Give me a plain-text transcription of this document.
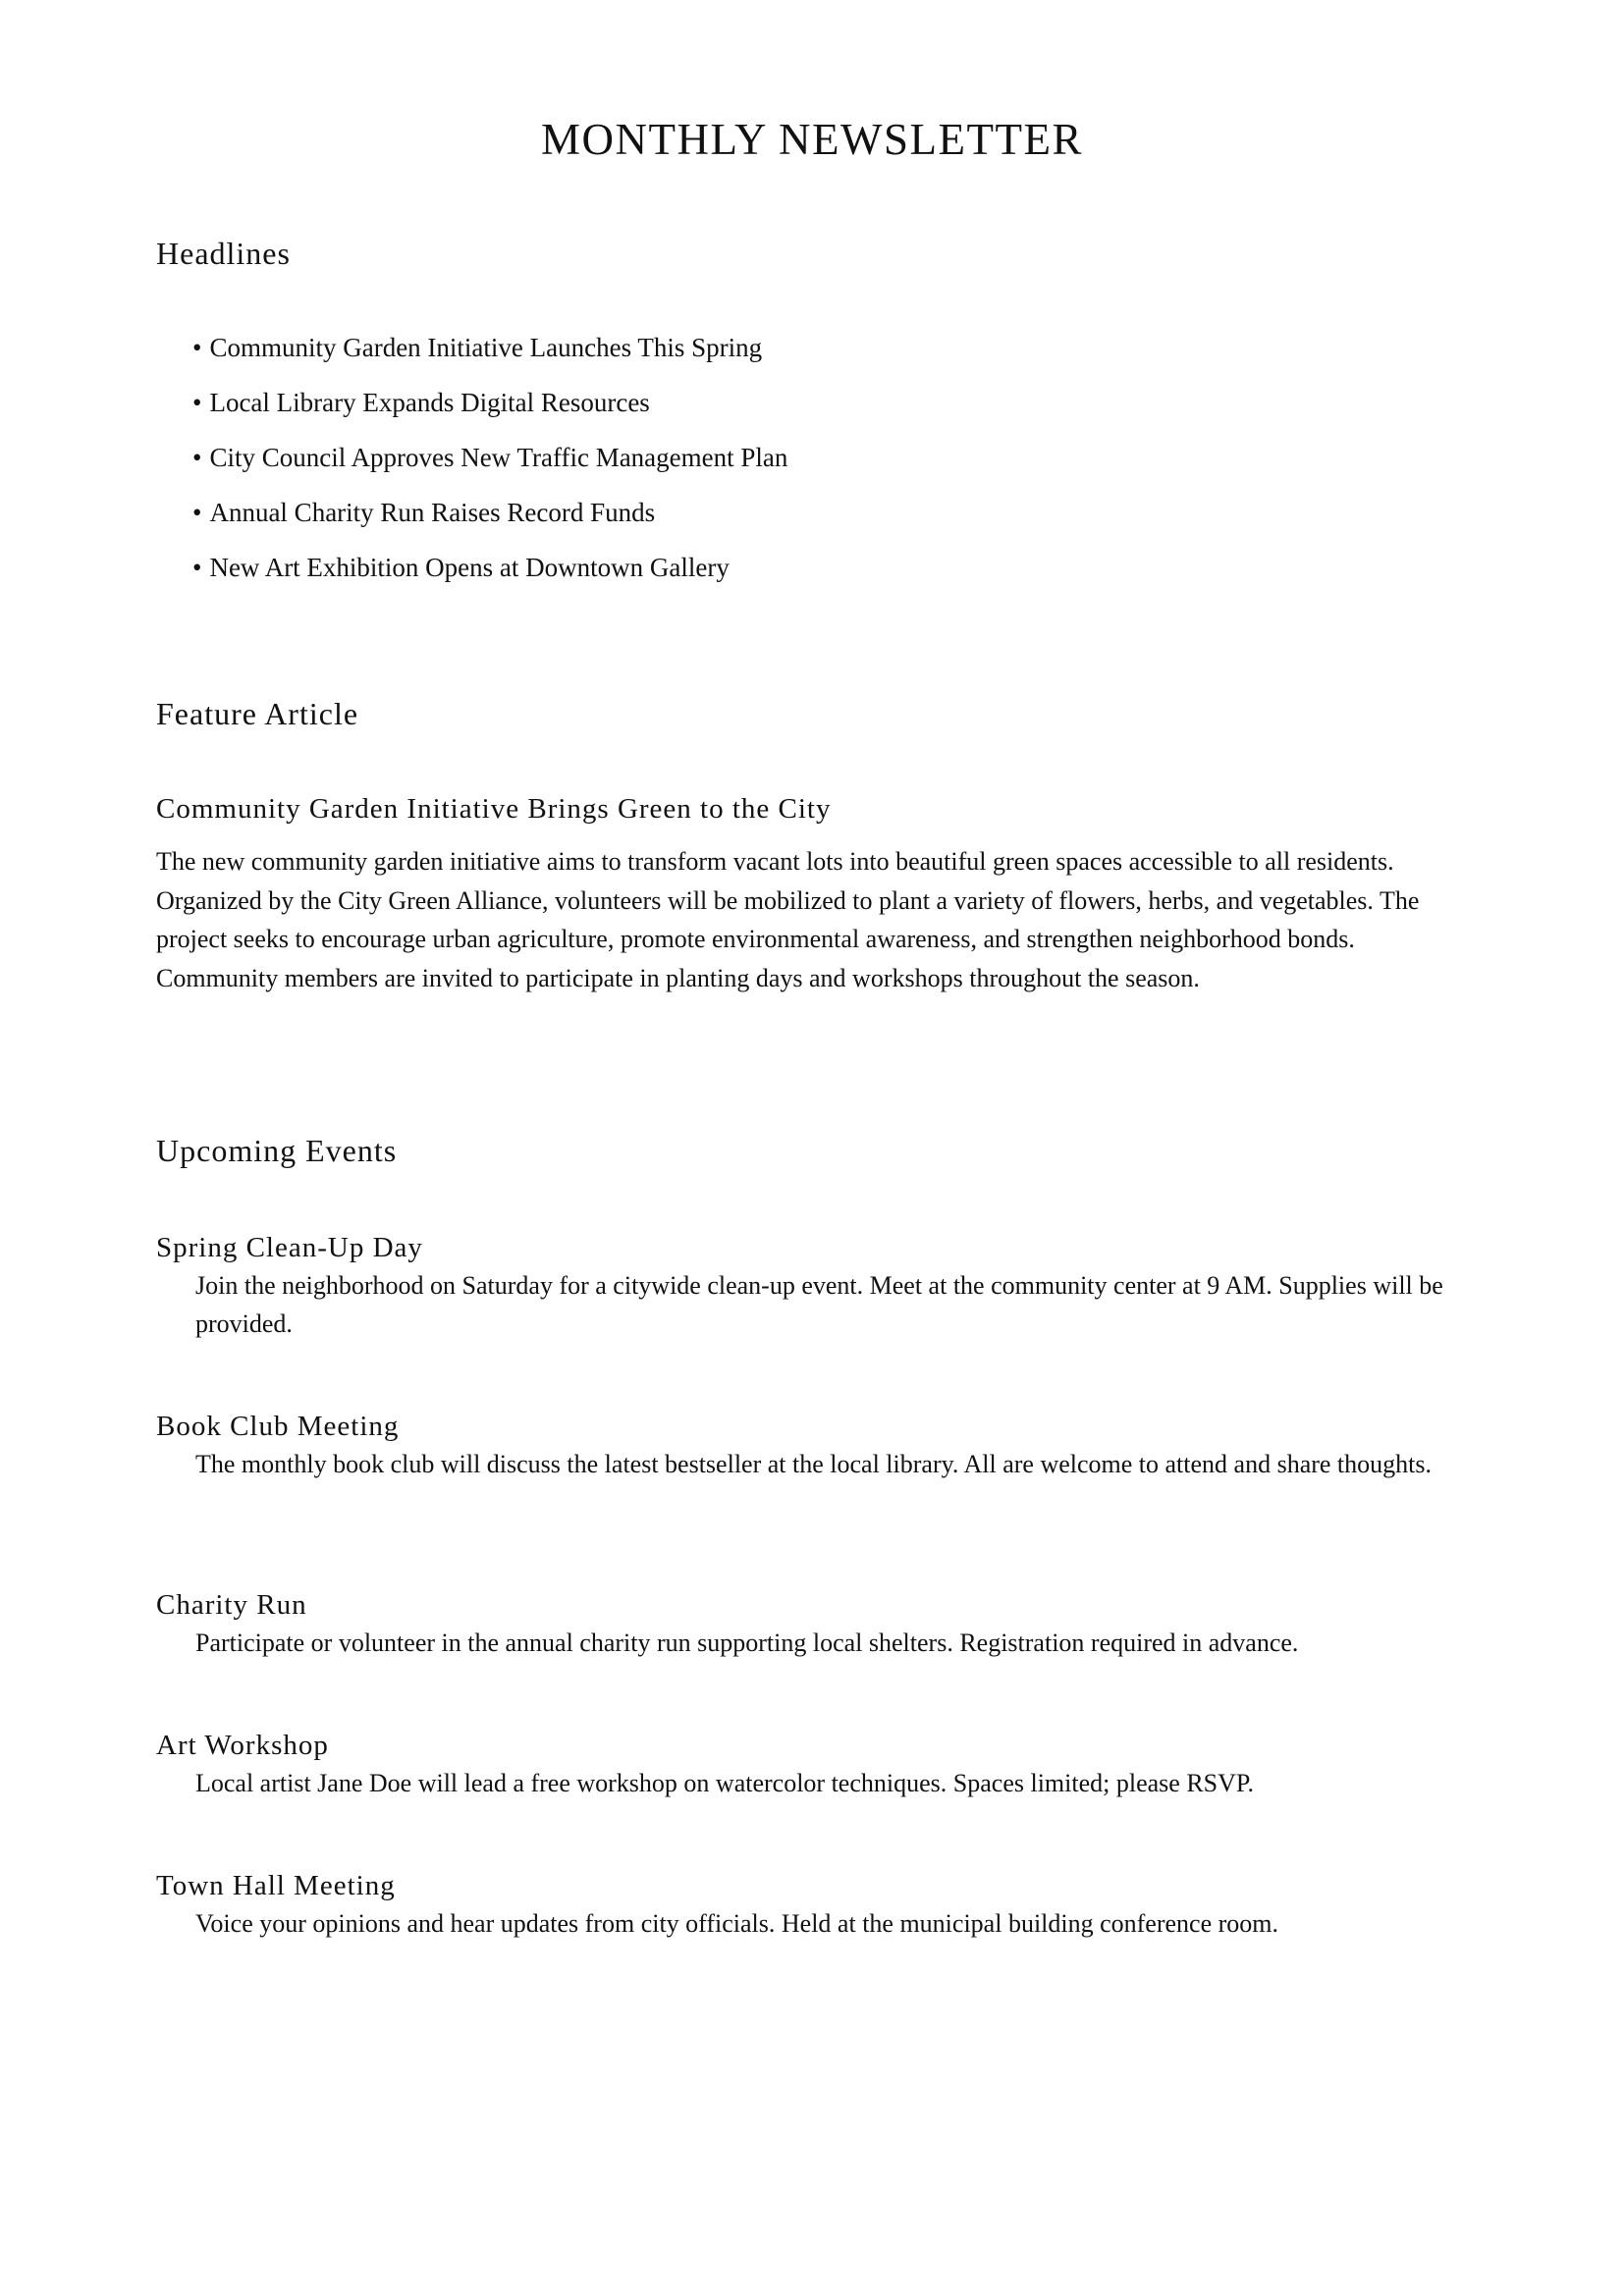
MONTHLY NEWSLETTER
Headlines
• Community Garden Initiative Launches This Spring
• Local Library Expands Digital Resources
• City Council Approves New Traffic Management Plan
• Annual Charity Run Raises Record Funds
• New Art Exhibition Opens at Downtown Gallery
Feature Article
Community Garden Initiative Brings Green to the City

The new community garden initiative aims to transform vacant lots into beautiful green spaces accessible to all residents. Organized by the City Green Alliance, volunteers will be mobilized to plant a variety of flowers, herbs, and vegetables. The project seeks to encourage urban agriculture, promote environmental awareness, and strengthen neighborhood bonds. Community members are invited to participate in planting days and workshops throughout the season.

Upcoming Events
Spring Clean-Up Day

Join the neighborhood on Saturday for a citywide clean-up event. Meet at the community center at 9 AM. Supplies will be provided.

Book Club Meeting

The monthly book club will discuss the latest bestseller at the local library. All are welcome to attend and share thoughts.

Charity Run

Participate or volunteer in the annual charity run supporting local shelters. Registration required in advance.

Art Workshop

Local artist Jane Doe will lead a free workshop on watercolor techniques. Spaces limited; please RSVP.

Town Hall Meeting

Voice your opinions and hear updates from city officials. Held at the municipal building conference room.
